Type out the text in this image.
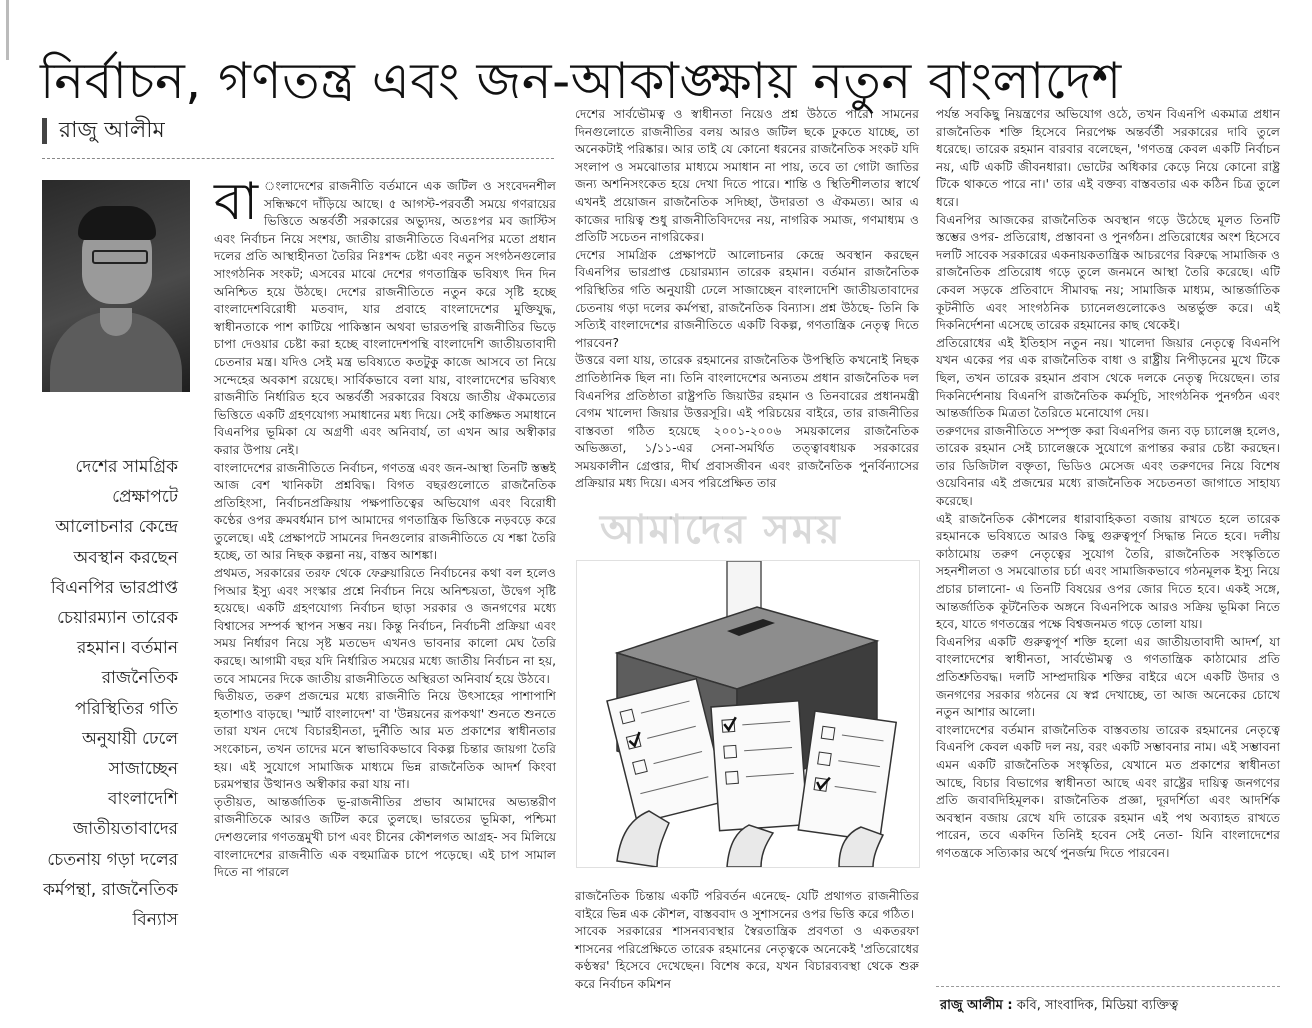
নির্বাচন, গণতন্ত্র এবং জন-আকাঙ্ক্ষায় নতুন বাংলাদেশ
রাজু আলীম
দেশের সামগ্রিক প্রেক্ষাপটে আলোচনার কেন্দ্রে অবস্থান করছেন বিএনপির ভারপ্রাপ্ত চেয়ারম্যান তারেক রহমান। বর্তমান রাজনৈতিক পরিস্থিতির গতি অনুযায়ী ঢেলে সাজাচ্ছেন বাংলাদেশি জাতীয়তাবাদের চেতনায় গড়া দলের কর্মপন্থা, রাজনৈতিক বিন্যাস

বা ংলাদেশের রাজনীতি বর্তমানে এক জটিল ও সংবেদনশীল সন্ধিক্ষণে দাঁড়িয়ে আছে। ৫ আগস্ট-পরবর্তী সময়ে গণরায়ের ভিত্তিতে অন্তর্বর্তী সরকারের অভ্যুদয়, অতঃপর মব জাস্টিস এবং নির্বাচন নিয়ে সংশয়, জাতীয় রাজনীতিতে বিএনপির মতো প্রধান দলের প্রতি আস্থাহীনতা তৈরির নিঃশব্দ চেষ্টা এবং নতুন সংগঠনগুলোর সাংগঠনিক সংকট; এসবের মাঝে দেশের গণতান্ত্রিক ভবিষ্যৎ দিন দিন অনিশ্চিত হয়ে উঠছে। দেশের রাজনীতিতে নতুন করে সৃষ্টি হচ্ছে বাংলাদেশবিরোধী মতবাদ, যার প্রবাহে বাংলাদেশের মুক্তিযুদ্ধ, স্বাধীনতাকে পাশ কাটিয়ে পাকিস্তান অথবা ভারতপন্থি রাজনীতির ভিড়ে চাপা দেওয়ার চেষ্টা করা হচ্ছে বাংলাদেশপন্থি বাংলাদেশি জাতীয়তাবাদী চেতনার মন্ত্র। যদিও সেই মন্ত্র ভবিষ্যতে কতটুকু কাজে আসবে তা নিয়ে সন্দেহের অবকাশ রয়েছে। সার্বিকভাবে বলা যায়, বাংলাদেশের ভবিষ্যৎ রাজনীতি নির্ধারিত হবে অন্তর্বর্তী সরকারের বিষয়ে জাতীয় ঐকমত্যের ভিত্তিতে একটি গ্রহণযোগ্য সমাধানের মধ্য দিয়ে। সেই কাঙ্ক্ষিত সমাধানে বিএনপির ভূমিকা যে অগ্রণী এবং অনিবার্য, তা এখন আর অস্বীকার করার উপায় নেই।

বাংলাদেশের রাজনীতিতে নির্বাচন, গণতন্ত্র এবং জন-আস্থা তিনটি স্তম্ভই আজ বেশ খানিকটা প্রশ্নবিদ্ধ। বিগত বছরগুলোতে রাজনৈতিক প্রতিহিংসা, নির্বাচনপ্রক্রিয়ায় পক্ষপাতিত্বের অভিযোগ এবং বিরোধী কণ্ঠের ওপর ক্রমবর্ধমান চাপ আমাদের গণতান্ত্রিক ভিত্তিকে নড়বড়ে করে তুলেছে। এই প্রেক্ষাপটে সামনের দিনগুলোর রাজনীতিতে যে শঙ্কা তৈরি হচ্ছে, তা আর নিছক কল্পনা নয়, বাস্তব আশঙ্কা।

প্রথমত, সরকারের তরফ থেকে ফেব্রুয়ারিতে নির্বাচনের কথা বল হলেও পিআর ইস্যু এবং সংস্কার প্রশ্নে নির্বাচন নিয়ে অনিশ্চয়তা, উদ্বেগ সৃষ্টি হয়েছে। একটি গ্রহণযোগ্য নির্বাচন ছাড়া সরকার ও জনগণের মধ্যে বিশ্বাসের সম্পর্ক স্থাপন সম্ভব নয়। কিন্তু নির্বাচন, নির্বাচনী প্রক্রিয়া এবং সময় নির্ধারণ নিয়ে সৃষ্ট মতভেদ এখনও ভাবনার কালো মেঘ তৈরি করছে। আগামী বছর যদি নির্ধারিত সময়ের মধ্যে জাতীয় নির্বাচন না হয়, তবে সামনের দিকে জাতীয় রাজনীতিতে অস্থিরতা অনিবার্য হয়ে উঠবে।

দ্বিতীয়ত, তরুণ প্রজন্মের মধ্যে রাজনীতি নিয়ে উৎসাহের পাশাপাশি হতাশাও বাড়ছে। 'স্মার্ট বাংলাদেশ' বা 'উন্নয়নের রূপকথা' শুনতে শুনতে তারা যখন দেখে বিচারহীনতা, দুর্নীতি আর মত প্রকাশের স্বাধীনতার সংকোচন, তখন তাদের মনে স্বাভাবিকভাবে বিকল্প চিন্তার জায়গা তৈরি হয়। এই সুযোগে সামাজিক মাধ্যমে ভিন্ন রাজনৈতিক আদর্শ কিংবা চরমপন্থার উত্থানও অস্বীকার করা যায় না।

তৃতীয়ত, আন্তর্জাতিক ভূ-রাজনীতির প্রভাব আমাদের অভ্যন্তরীণ রাজনীতিকে আরও জটিল করে তুলছে। ভারতের ভূমিকা, পশ্চিমা দেশগুলোর গণতন্ত্রমুখী চাপ এবং চীনের কৌশলগত আগ্রহ- সব মিলিয়ে বাংলাদেশের রাজনীতি এক বহুমাত্রিক চাপে পড়েছে। এই চাপ সামাল দিতে না পারলে

দেশের সার্বভৌমত্ব ও স্বাধীনতা নিয়েও প্রশ্ন উঠতে পারে। সামনের দিনগুলোতে রাজনীতির বলয় আরও জটিল ছকে ঢুকতে যাচ্ছে, তা অনেকটাই পরিষ্কার। আর তাই যে কোনো ধরনের রাজনৈতিক সংকট যদি সংলাপ ও সমঝোতার মাধ্যমে সমাধান না পায়, তবে তা গোটা জাতির জন্য অশনিসংকেত হয়ে দেখা দিতে পারে। শান্তি ও স্থিতিশীলতার স্বার্থে এখনই প্রয়োজন রাজনৈতিক সদিচ্ছা, উদারতা ও ঐকমত্য। আর এ কাজের দায়িত্ব শুধু রাজনীতিবিদদের নয়, নাগরিক সমাজ, গণমাধ্যম ও প্রতিটি সচেতন নাগরিকের।

দেশের সামগ্রিক প্রেক্ষাপটে আলোচনার কেন্দ্রে অবস্থান করছেন বিএনপির ভারপ্রাপ্ত চেয়ারম্যান তারেক রহমান। বর্তমান রাজনৈতিক পরিস্থিতির গতি অনুযায়ী ঢেলে সাজাচ্ছেন বাংলাদেশি জাতীয়তাবাদের চেতনায় গড়া দলের কর্মপন্থা, রাজনৈতিক বিন্যাস। প্রশ্ন উঠছে- তিনি কি সত্যিই বাংলাদেশের রাজনীতিতে একটি বিকল্প, গণতান্ত্রিক নেতৃত্ব দিতে পারবেন?

উত্তরে বলা যায়, তারেক রহমানের রাজনৈতিক উপস্থিতি কখনোই নিছক প্রাতিষ্ঠানিক ছিল না। তিনি বাংলাদেশের অন্যতম প্রধান রাজনৈতিক দল বিএনপির প্রতিষ্ঠাতা রাষ্ট্রপতি জিয়াউর রহমান ও তিনবারের প্রধানমন্ত্রী বেগম খালেদা জিয়ার উত্তরসূরি। এই পরিচয়ের বাইরে, তার রাজনীতির বাস্তবতা গঠিত হয়েছে ২০০১-২০০৬ সময়কালের রাজনৈতিক অভিজ্ঞতা, ১/১১-এর সেনা-সমর্থিত তত্ত্বাবধায়ক সরকারের সময়কালীন গ্রেপ্তার, দীর্ঘ প্রবাসজীবন এবং রাজনৈতিক পুনর্বিন্যাসের প্রক্রিয়ার মধ্য দিয়ে। এসব পরিপ্রেক্ষিত তার

আমাদের সময়

রাজনৈতিক চিন্তায় একটি পরিবর্তন এনেছে- যেটি প্রথাগত রাজনীতির বাইরে ভিন্ন এক কৌশল, বাস্তববাদ ও সুশাসনের ওপর ভিত্তি করে গঠিত।

সাবেক সরকারের শাসনব্যবস্থার স্বৈরতান্ত্রিক প্রবণতা ও একতরফা শাসনের পরিপ্রেক্ষিতে তারেক রহমানের নেতৃত্বকে অনেকেই 'প্রতিরোধের কণ্ঠস্বর' হিসেবে দেখেছেন। বিশেষ করে, যখন বিচারব্যবস্থা থেকে শুরু করে নির্বাচন কমিশন

পর্যন্ত সবকিছু নিয়ন্ত্রণের অভিযোগ ওঠে, তখন বিএনপি একমাত্র প্রধান রাজনৈতিক শক্তি হিসেবে নিরপেক্ষ অন্তর্বর্তী সরকারের দাবি তুলে ধরেছে। তারেক রহমান বারবার বলেছেন, 'গণতন্ত্র কেবল একটি নির্বাচন নয়, এটি একটি জীবনধারা। ভোটের অধিকার কেড়ে নিয়ে কোনো রাষ্ট্র টিকে থাকতে পারে না।' তার এই বক্তব্য বাস্তবতার এক কঠিন চিত্র তুলে ধরে।

বিএনপির আজকের রাজনৈতিক অবস্থান গড়ে উঠেছে মূলত তিনটি স্তম্ভের ওপর- প্রতিরোধ, প্রস্তাবনা ও পুনর্গঠন। প্রতিরোধের অংশ হিসেবে দলটি সাবেক সরকারের একনায়কতান্ত্রিক আচরণের বিরুদ্ধে সামাজিক ও রাজনৈতিক প্রতিরোধ গড়ে তুলে জনমনে আস্থা তৈরি করেছে। এটি কেবল সড়কে প্রতিবাদে সীমাবদ্ধ নয়; সামাজিক মাধ্যম, আন্তর্জাতিক কূটনীতি এবং সাংগঠনিক চ্যানেলগুলোকেও অন্তর্ভুক্ত করে। এই দিকনির্দেশনা এসেছে তারেক রহমানের কাছ থেকেই।

প্রতিরোধের এই ইতিহাস নতুন নয়। খালেদা জিয়ার নেতৃত্বে বিএনপি যখন একের পর এক রাজনৈতিক বাধা ও রাষ্ট্রীয় নিপীড়নের মুখে টিকে ছিল, তখন তারেক রহমান প্রবাস থেকে দলকে নেতৃত্ব দিয়েছেন। তার দিকনির্দেশনায় বিএনপি রাজনৈতিক কর্মসূচি, সাংগঠনিক পুনর্গঠন এবং আন্তর্জাতিক মিত্রতা তৈরিতে মনোযোগ দেয়।

তরুণদের রাজনীতিতে সম্পৃক্ত করা বিএনপির জন্য বড় চ্যালেঞ্জ হলেও, তারেক রহমান সেই চ্যালেঞ্জকে সুযোগে রূপান্তর করার চেষ্টা করছেন। তার ডিজিটাল বক্তৃতা, ভিডিও মেসেজ এবং তরুণদের নিয়ে বিশেষ ওয়েবিনার এই প্রজন্মের মধ্যে রাজনৈতিক সচেতনতা জাগাতে সাহায্য করেছে।

এই রাজনৈতিক কৌশলের ধারাবাহিকতা বজায় রাখতে হলে তারেক রহমানকে ভবিষ্যতে আরও কিছু গুরুত্বপূর্ণ সিদ্ধান্ত নিতে হবে। দলীয় কাঠামোয় তরুণ নেতৃত্বের সুযোগ তৈরি, রাজনৈতিক সংস্কৃতিতে সহনশীলতা ও সমঝোতার চর্চা এবং সামাজিকভাবে গঠনমূলক ইস্যু নিয়ে প্রচার চালানো- এ তিনটি বিষয়ের ওপর জোর দিতে হবে। একই সঙ্গে, আন্তর্জাতিক কূটনৈতিক অঙ্গনে বিএনপিকে আরও সক্রিয় ভূমিকা নিতে হবে, যাতে গণতন্ত্রের পক্ষে বিশ্বজনমত গড়ে তোলা যায়।

বিএনপির একটি গুরুত্বপূর্ণ শক্তি হলো এর জাতীয়তাবাদী আদর্শ, যা বাংলাদেশের স্বাধীনতা, সার্বভৌমত্ব ও গণতান্ত্রিক কাঠামোর প্রতি প্রতিশ্রুতিবদ্ধ। দলটি সাম্প্রদায়িক শক্তির বাইরে এসে একটি উদার ও জনগণের সরকার গঠনের যে স্বপ্ন দেখাচ্ছে, তা আজ অনেকের চোখে নতুন আশার আলো।

বাংলাদেশের বর্তমান রাজনৈতিক বাস্তবতায় তারেক রহমানের নেতৃত্বে বিএনপি কেবল একটি দল নয়, বরং একটি সম্ভাবনার নাম। এই সম্ভাবনা এমন একটি রাজনৈতিক সংস্কৃতির, যেখানে মত প্রকাশের স্বাধীনতা আছে, বিচার বিভাগের স্বাধীনতা আছে এবং রাষ্ট্রের দায়িত্ব জনগণের প্রতি জবাবদিহিমূলক। রাজনৈতিক প্রজ্ঞা, দূরদর্শিতা এবং আদর্শিক অবস্থান বজায় রেখে যদি তারেক রহমান এই পথ অব্যাহত রাখতে পারেন, তবে একদিন তিনিই হবেন সেই নেতা- যিনি বাংলাদেশের গণতন্ত্রকে সত্যিকার অর্থে পুনর্জন্ম দিতে পারবেন।

রাজু আলীম : কবি, সাংবাদিক, মিডিয়া ব্যক্তিত্ব
